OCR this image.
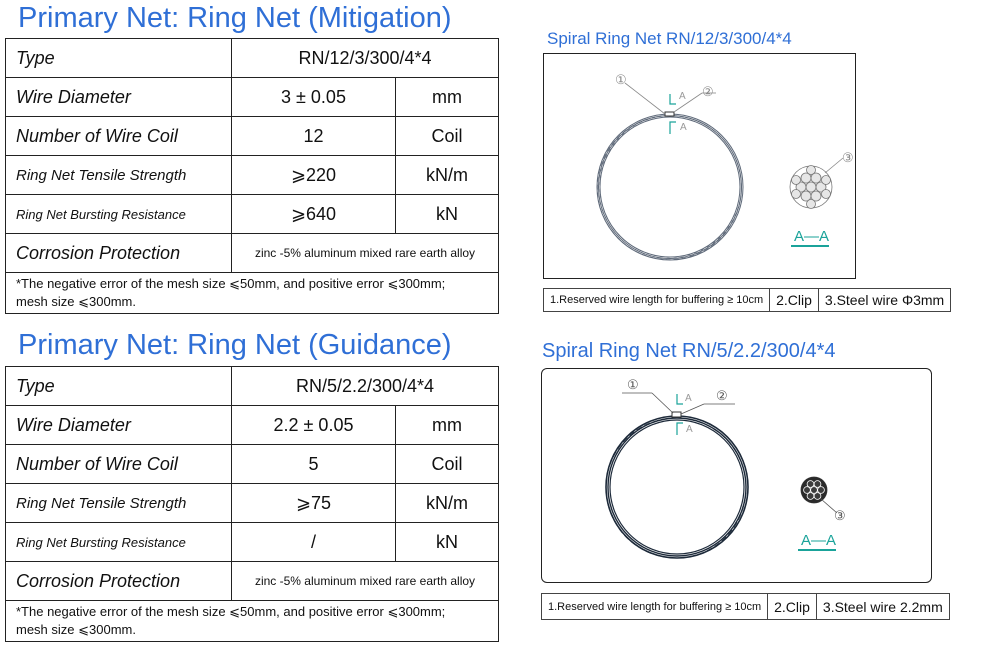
Primary Net: Ring Net (Mitigation)
Type	RN/12/3/300/4*4	
Wire Diameter	3 ± 0.05	mm
Number of Wire Coil	12	Coil
Ring Net Tensile Strength	⩾220	kN/m
Ring Net Bursting Resistance	⩾640	kN
Corrosion Protection	zinc -5% aluminum mixed rare earth alloy	

*The negative error of the mesh size ⩽50mm, and positive error ⩽300mm;
mesh size ⩽300mm.		
Primary Net: Ring Net (Guidance)
Type	RN/5/2.2/300/4*4	
Wire Diameter	2.2 ± 0.05	mm
Number of Wire Coil	5	Coil
Ring Net Tensile Strength	⩾75	kN/m
Ring Net Bursting Resistance	/	kN
Corrosion Protection	zinc -5% aluminum mixed rare earth alloy	

*The negative error of the mesh size ⩽50mm, and positive error ⩽300mm;
mesh size ⩽300mm.		
Spiral Ring Net RN/12/3/300/4*4
A
A
①
②
③
A—A
1.Reserved wire length for buffering ≥ 10cm 2.Clip 3.Steel wire Φ3mm
Spiral Ring Net RN/5/2.2/300/4*4
A
A
①
②
③
A—A
1.Reserved wire length for buffering ≥ 10cm 2.Clip 3.Steel wire 2.2mm
